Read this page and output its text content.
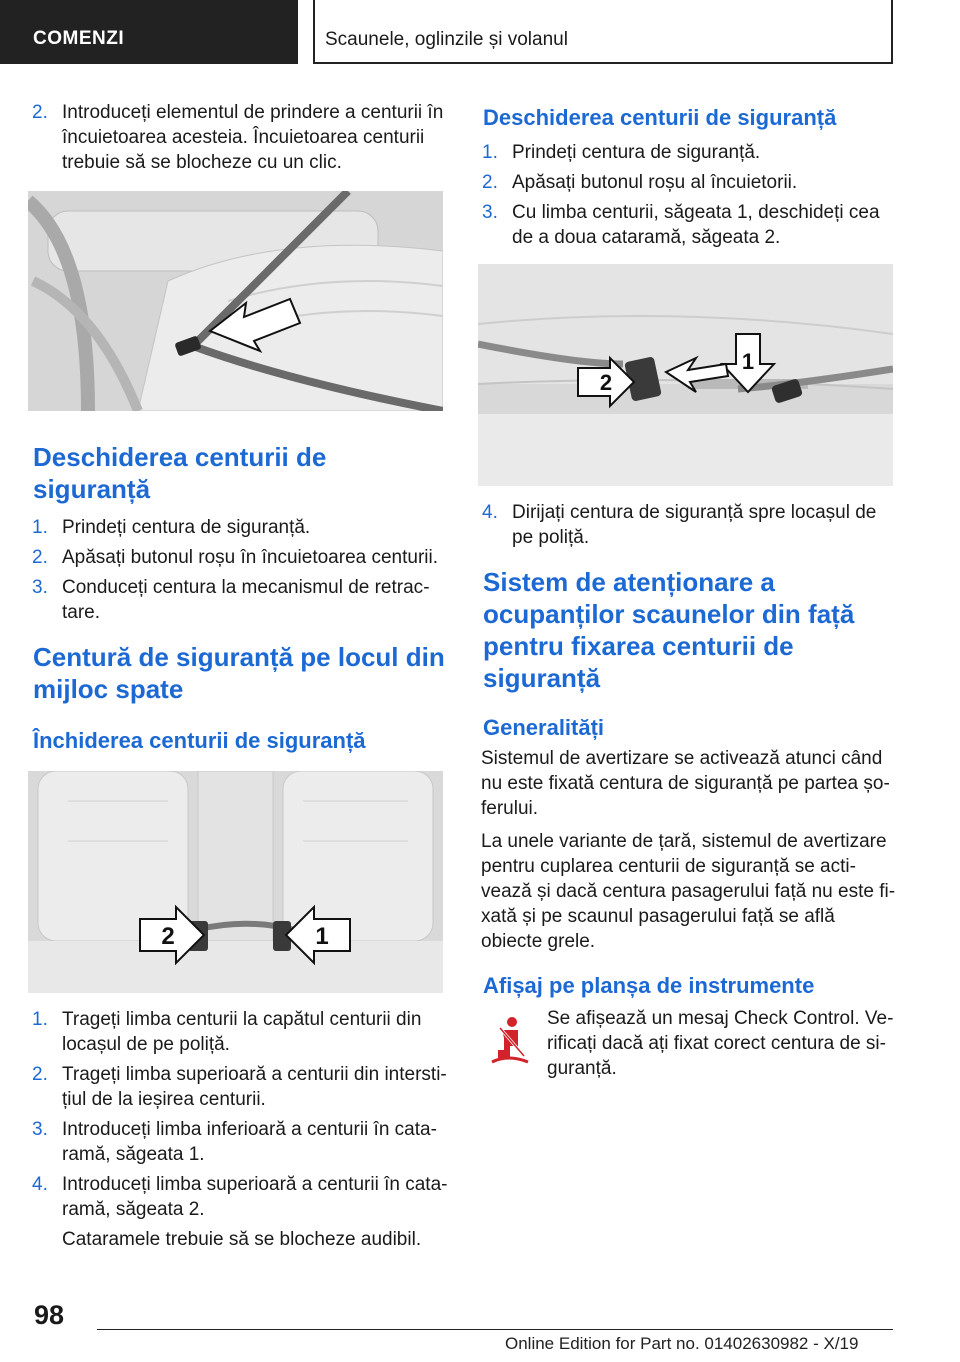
COMENZI	Scaunele, oglinzile și volanul
2. Introduceți elementul de prindere a centurii în încuietoarea acesteia. Încuietoarea centurii trebuie să se blocheze cu un clic.
Deschiderea centurii de siguranță
1. Prindeți centura de siguranță.
2. Apăsați butonul roșu în încuietoarea centurii.
3. Conduceți centura la mecanismul de retractare.
Centură de siguranță pe locul din mijloc spate
Închiderea centurii de siguranță
2	1
1. Trageți limba centurii la capătul centurii din locașul de pe poliță.
2. Trageți limba superioară a centurii din interstițiul de la ieșirea centurii.
3. Introduceți limba inferioară a centurii în cataramă, săgeata 1.
4. Introduceți limba superioară a centurii în cataramă, săgeata 2.
Cataramele trebuie să se blocheze audibil.
Deschiderea centurii de siguranță
1. Prindeți centura de siguranță.
2. Apăsați butonul roșu al încuietorii.
3. Cu limba centurii, săgeata 1, deschideți cea de a doua cataramă, săgeata 2.
1
2
4. Dirijați centura de siguranță spre locașul de pe poliță.
Sistem de atenționare a ocupanților scaunelor din față pentru fixarea centurii de siguranță
Generalități
Sistemul de avertizare se activează atunci când nu este fixată centura de siguranță pe partea șoferului.
La unele variante de țară, sistemul de avertizare pentru cuplarea centurii de siguranță se activează și dacă centura pasagerului față nu este fixată și pe scaunul pasagerului față se află obiecte grele.
Afișaj pe planșa de instrumente
Se afișează un mesaj Check Control. Verificați dacă ați fixat corect centura de siguranță.
98
Online Edition for Part no. 01402630982 - X/19
